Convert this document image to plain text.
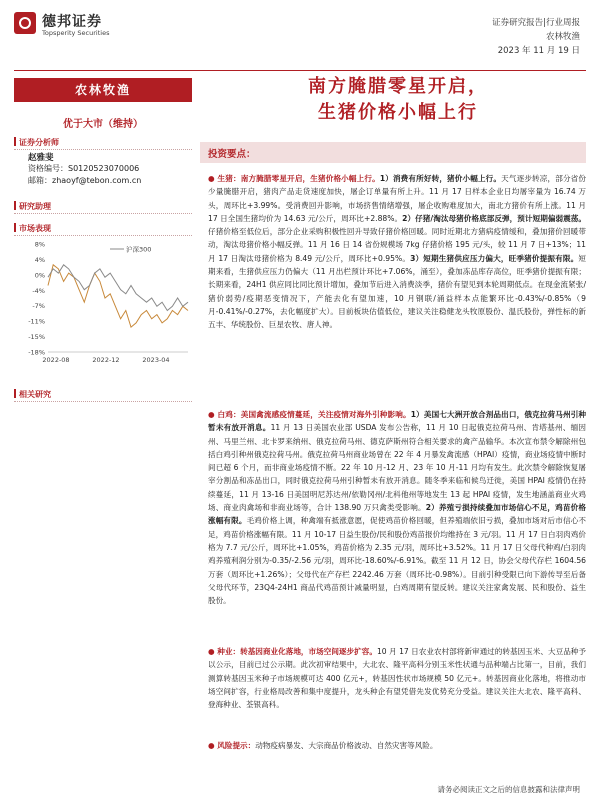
德邦证券
Topsperity Securities
证券研究报告|行业周报
农林牧渔
2023 年 11 月 19 日
农林牧渔
优于大市（维持）
证券分析师
赵雅斐
资格编号：S0120523070006
邮箱：zhaoyf@tebon.com.cn
研究助理
市场表现
8%
4%
0%
-4%
-7%
-11%
-15%
-18%
2022-08	2022-12	2023-04
沪深300
相关研究
南方腌腊零星开启，
生猪价格小幅上行
投资要点：
● 生猪：南方腌腊零星开启，生猪价格小幅上行。1）消费有所好转，猪价小幅上行。天气逐步转凉，部分省份少量腌腊开启，猪肉产品走货速度加快，屠企订单量有所上升。11 月 17 日样本企业日均屠宰量为 16.74 万头，周环比+3.99%。受消费回升影响，市场挤售情绪增强，屠企收购难度加大，南北方猪价有所上涨。11 月 17 日全国生猪均价为 14.63 元/公斤，周环比+2.88%。2）仔猪/淘汰母猪价格底部反弹，预计短期偏弱震荡。仔猪价格至低位后，部分企业采购积极性回升导致仔猪价格回暖。同时近期北方猪病疫情缓和，叠加猪价回暖带动，淘汰母猪价格小幅反弹。11 月 16 日 14 省份规模场 7kg 仔猪价格 195 元/头，较 11 月 7 日+13%；11 月 17 日淘汰母猪价格为 8.49 元/公斤，周环比+0.95%。3）短期生猪供应压力偏大，旺季猪价提振有限。短期来看，生猪供应压力仍偏大（11 月出栏预计环比+7.06%，涌至），叠加冻品库存高位，旺季猪价提振有限；长期来看，24H1 供应同比同比预计增加，叠加节后进入消费淡季，猪价有望见到本轮周期低点。在现金流紧张/猪价弱势/疫期恶变情况下，产能去化有望加速，10 月钢联/涌益样本点能繁环比-0.43%/-0.85%（9 月-0.41%/-0.27%，去化幅度扩大）。目前板块估值低位，建议关注稳健龙头牧原股份、温氏股份，弹性标的新五丰、华统股份、巨星农牧、唐人神。
● 白鸡：美国禽流感疫情蔓延，关注疫情对海外引种影响。1）美国七大洲开放合剂品出口，俄克拉荷马州引种暂未有放开消息。11 月 13 日美国农业部 USDA 发布公告称，11 月 10 日起俄克拉荷马州、肯塔基州、缅因州、马里兰州、北卡罗来纳州、俄克拉荷马州、德克萨斯州符合相关要求的禽产品输华。本次宣布禁令解除州包括白鸡引种州俄克拉荷马州。俄克拉荷马州商业场曾在 22 年 4 月暴发禽流感（HPAI）疫情，商业场疫情中断时间已超 6 个月，而非商业场疫情不断。22 年 10 月-12 月、23 年 10 月-11 月均有发生。此次禁令解除恢复屠宰分割品和冻品出口，同时俄克拉荷马州引种暂未有放开消息。随冬季来临和候鸟迁徙，美国 HPAI 疫情仍在持续蔓延，11 月 13-16 日美国明尼苏达州/依勒冈州/北科他州等地发生 13 起 HPAI 疫情，发生地涵盖商业火鸡场、商业肉禽场和非商业场等，合计 138.90 万只禽类受影响。2）养殖亏损持续叠加市场信心不足，鸡苗价格涨幅有限。毛鸡价格上调，种禽端有抵涨意愿，促使鸡苗价格回暖，但养殖端依旧亏损，叠加市场对后市信心不足，鸡苗价格涨幅有限。11 月 10-17 日益生股份/民和股份鸡苗报价均维持在 3 元/羽。11 月 17 日白羽肉鸡价格为 7.7 元/公斤，周环比+1.05%，鸡苗价格为 2.35 元/羽，周环比+3.52%。11 月 17 日父母代种鸡/白羽肉鸡养殖利润分别为-0.35/-2.56 元/羽，周环比-18.60%/-6.91%。截至 11 月 12 日，协会父母代存栏 1604.56 万套（周环比+1.26%）；父母代在产存栏 2242.46 万套（周环比-0.98%）。目前引种受限已向下游传导至后备父母代环节，23Q4-24H1 商品代鸡苗预计减量明显，白鸡周期有望反转。建议关注家禽发展、民和股份、益生股份。
● 种业：转基因商业化落地，市场空间逐步扩容。10 月 17 日农业农村部将新审通过的转基因玉米、大豆品种予以公示，目前已过公示期。此次初审结果中，大北农、隆平高科分别玉米性状通与品种端占比第一，目前，我们测算转基因玉米种子市场规模可达 400 亿元+，转基因性状市场规模 50 亿元+。转基因商业化落地，将推动市场空间扩容，行业格局改善和集中度提升，龙头种企有望凭借先发优势充分受益。建议关注大北农、隆平高科、登海种业、荃银高科。
● 风险提示：动物疫病暴发、大宗商品价格波动、自然灾害等风险。
请务必阅读正文之后的信息披露和法律声明
